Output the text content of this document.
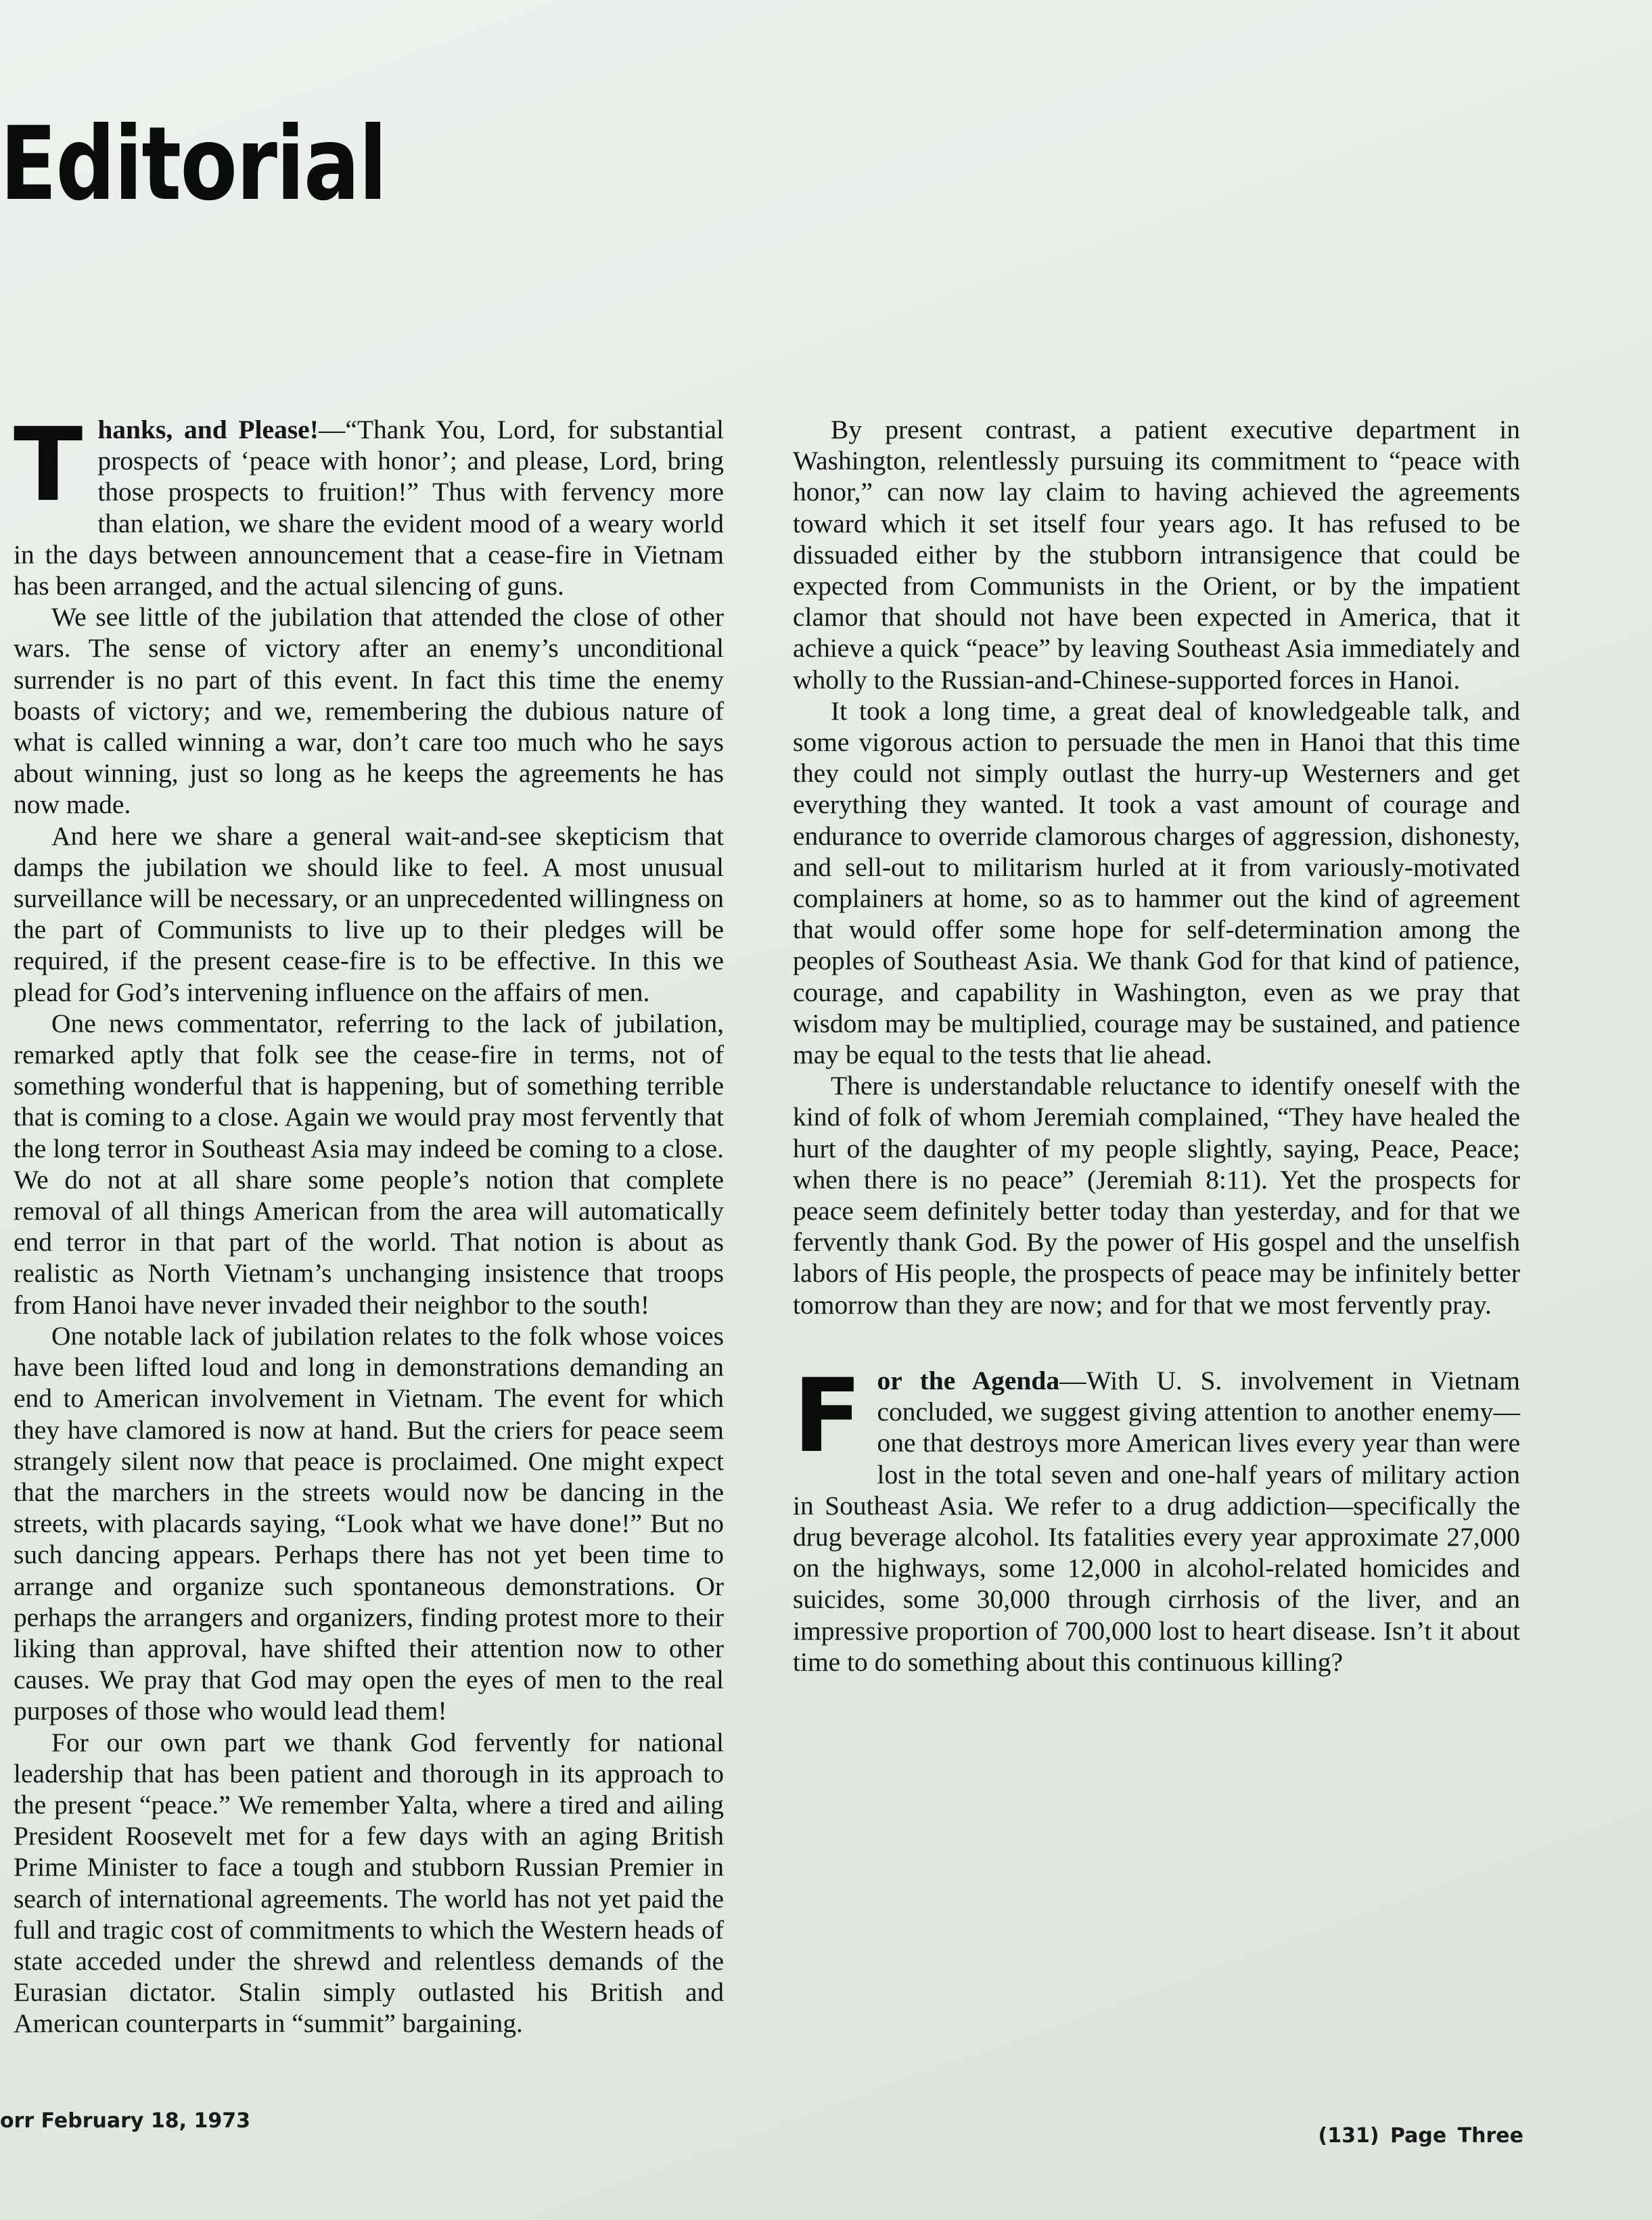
Editorial

Thanks, and Please!—“Thank You, Lord, for substantial prospects of ‘peace with honor’; and please, Lord, bring those prospects to fruition!” Thus with fervency more than elation, we share the evident mood of a weary world in the days between announcement that a cease-fire in Vietnam has been arranged, and the actual silencing of guns.

We see little of the jubilation that attended the close of other wars. The sense of victory after an enemy’s unconditional surrender is no part of this event. In fact this time the enemy boasts of victory; and we, remembering the dubious nature of what is called winning a war, don’t care too much who he says about winning, just so long as he keeps the agreements he has now made.

And here we share a general wait-and-see skepticism that damps the jubilation we should like to feel. A most unusual surveillance will be necessary, or an unprecedented willingness on the part of Communists to live up to their pledges will be required, if the present cease-fire is to be effective. In this we plead for God’s intervening influence on the affairs of men.

One news commentator, referring to the lack of jubilation, remarked aptly that folk see the cease-fire in terms, not of something wonderful that is happening, but of something terrible that is coming to a close. Again we would pray most fervently that the long terror in Southeast Asia may indeed be coming to a close. We do not at all share some people’s notion that complete removal of all things American from the area will automatically end terror in that part of the world. That notion is about as realistic as North Vietnam’s unchanging insistence that troops from Hanoi have never invaded their neighbor to the south!

One notable lack of jubilation relates to the folk whose voices have been lifted loud and long in demonstrations demanding an end to American involvement in Vietnam. The event for which they have clamored is now at hand. But the criers for peace seem strangely silent now that peace is proclaimed. One might expect that the marchers in the streets would now be dancing in the streets, with placards saying, “Look what we have done!” But no such dancing appears. Perhaps there has not yet been time to arrange and organize such spontaneous demonstrations. Or perhaps the arrangers and organizers, finding protest more to their liking than approval, have shifted their attention now to other causes. We pray that God may open the eyes of men to the real purposes of those who would lead them!

For our own part we thank God fervently for national leadership that has been patient and thorough in its approach to the present “peace.” We remember Yalta, where a tired and ailing President Roosevelt met for a few days with an aging British Prime Minister to face a tough and stubborn Russian Premier in search of international agreements. The world has not yet paid the full and tragic cost of commitments to which the Western heads of state acceded under the shrewd and relentless demands of the Eurasian dictator. Stalin simply outlasted his British and American counterparts in “summit” bargaining.

By present contrast, a patient executive department in Washington, relentlessly pursuing its commitment to “peace with honor,” can now lay claim to having achieved the agreements toward which it set itself four years ago. It has refused to be dissuaded either by the stubborn intransigence that could be expected from Communists in the Orient, or by the impatient clamor that should not have been expected in America, that it achieve a quick “peace” by leaving Southeast Asia immediately and wholly to the Russian-and-Chinese-supported forces in Hanoi.

It took a long time, a great deal of knowledgeable talk, and some vigorous action to persuade the men in Hanoi that this time they could not simply outlast the hurry-up Westerners and get everything they wanted. It took a vast amount of courage and endurance to override clamorous charges of aggression, dishonesty, and sell-out to militarism hurled at it from variously-motivated complainers at home, so as to hammer out the kind of agreement that would offer some hope for self-determination among the peoples of Southeast Asia. We thank God for that kind of patience, courage, and capability in Washington, even as we pray that wisdom may be multiplied, courage may be sustained, and patience may be equal to the tests that lie ahead.

There is understandable reluctance to identify oneself with the kind of folk of whom Jeremiah complained, “They have healed the hurt of the daughter of my people slightly, saying, Peace, Peace; when there is no peace” (Jeremiah 8:11). Yet the prospects for peace seem definitely better today than yesterday, and for that we fervently thank God. By the power of His gospel and the unselfish labors of His people, the prospects of peace may be infinitely better tomorrow than they are now; and for that we most fervently pray.

For the Agenda—With U. S. involvement in Vietnam concluded, we suggest giving attention to another enemy—one that destroys more American lives every year than were lost in the total seven and one-half years of military action in Southeast Asia. We refer to a drug addiction—specifically the drug beverage alcohol. Its fatalities every year approximate 27,000 on the highways, some 12,000 in alcohol-related homicides and suicides, some 30,000 through cirrhosis of the liver, and an impressive proportion of 700,000 lost to heart disease. Isn’t it about time to do something about this continuous killing?

orr February 18, 1973
(131) Page Three
